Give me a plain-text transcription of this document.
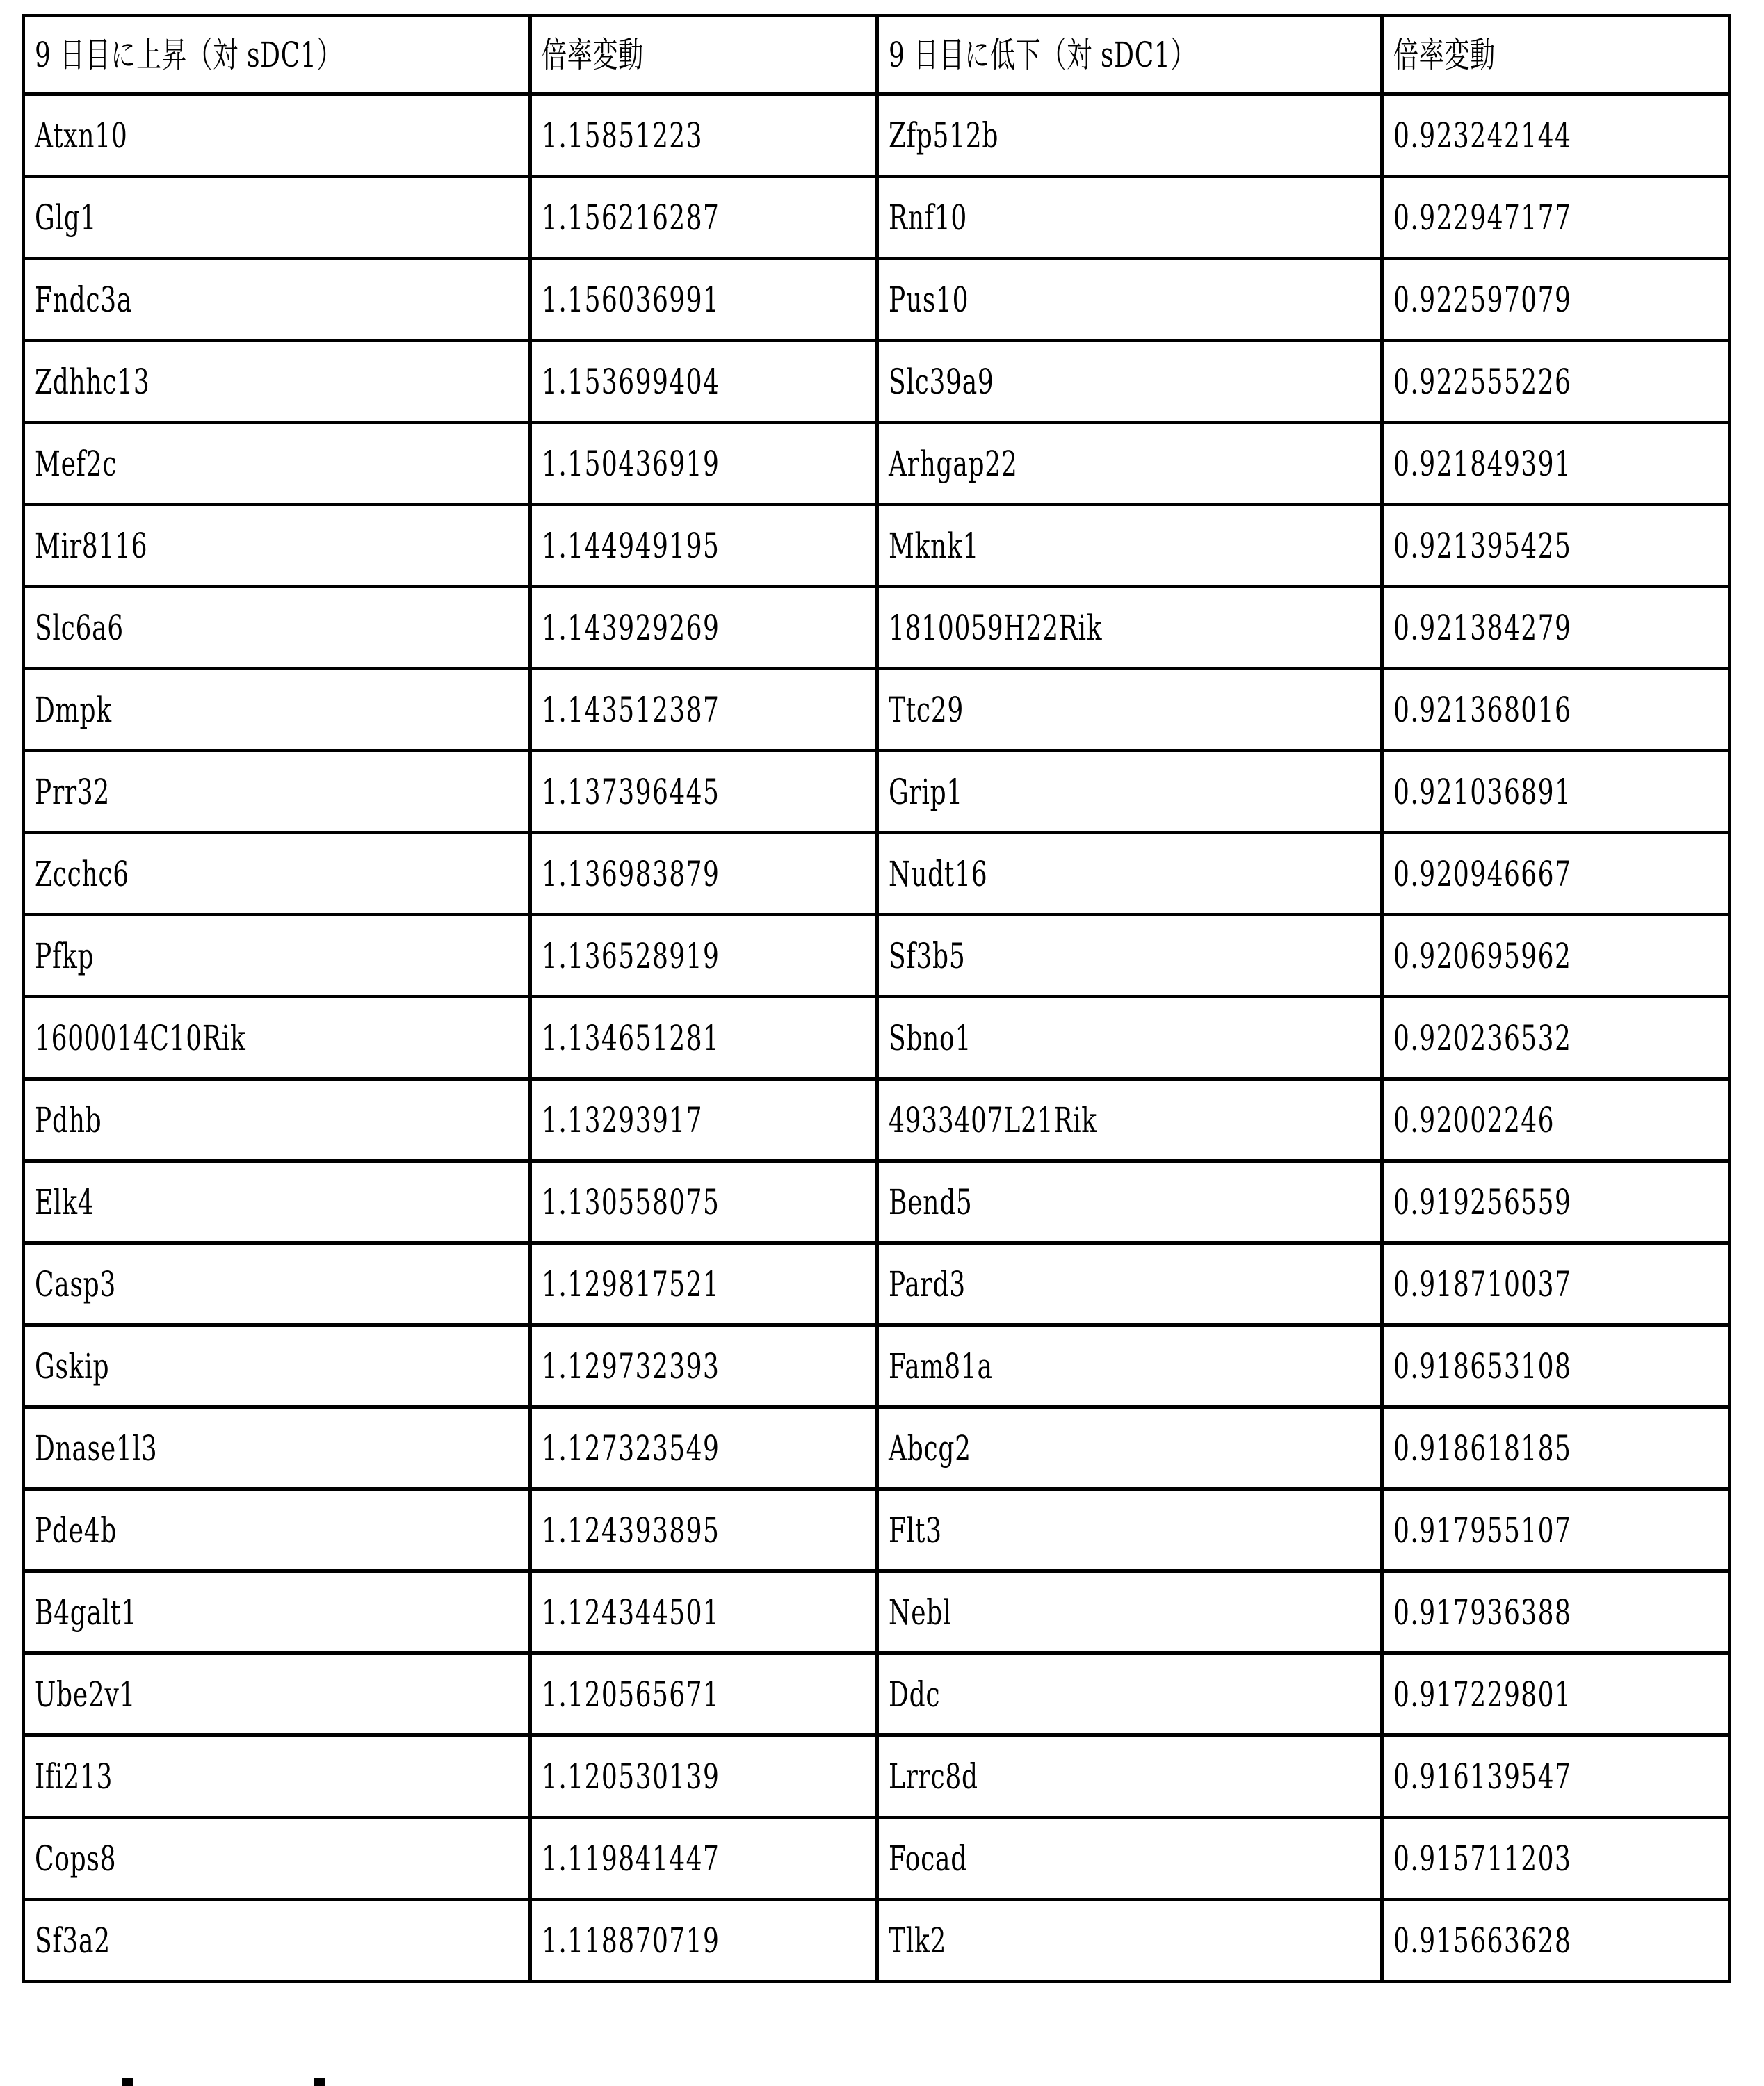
9 日目に上昇（対 sDC1）	倍率変動	9 日目に低下（対 sDC1）	倍率変動
Atxn10	1.15851223	Zfp512b	0.923242144
Glg1	1.156216287	Rnf10	0.922947177
Fndc3a	1.156036991	Pus10	0.922597079
Zdhhc13	1.153699404	Slc39a9	0.922555226
Mef2c	1.150436919	Arhgap22	0.921849391
Mir8116	1.144949195	Mknk1	0.921395425
Slc6a6	1.143929269	1810059H22Rik	0.921384279
Dmpk	1.143512387	Ttc29	0.921368016
Prr32	1.137396445	Grip1	0.921036891
Zcchc6	1.136983879	Nudt16	0.920946667
Pfkp	1.136528919	Sf3b5	0.920695962
1600014C10Rik	1.134651281	Sbno1	0.920236532
Pdhb	1.13293917	4933407L21Rik	0.92002246
Elk4	1.130558075	Bend5	0.919256559
Casp3	1.129817521	Pard3	0.918710037
Gskip	1.129732393	Fam81a	0.918653108
Dnase1l3	1.127323549	Abcg2	0.918618185
Pde4b	1.124393895	Flt3	0.917955107
B4galt1	1.124344501	Nebl	0.917936388
Ube2v1	1.120565671	Ddc	0.917229801
Ifi213	1.120530139	Lrrc8d	0.916139547
Cops8	1.119841447	Focad	0.915711203
Sf3a2	1.118870719	Tlk2	0.915663628
